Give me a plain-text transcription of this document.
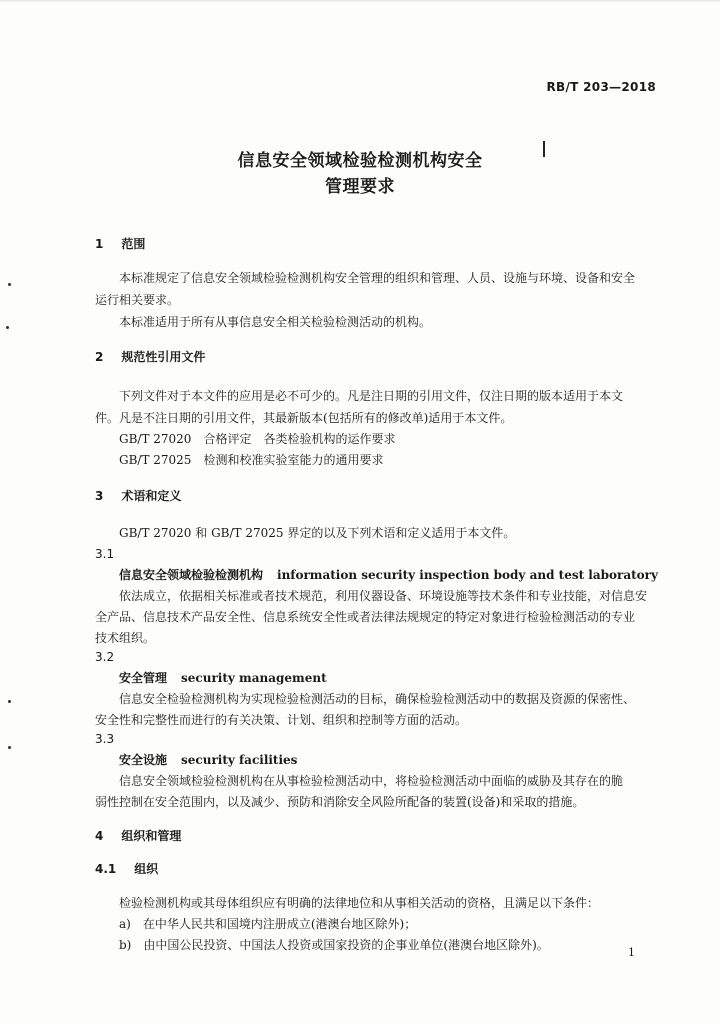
RB/T 203—2018
信息安全领域检验检测机构安全
管理要求
1 范围
本标准规定了信息安全领域检验检测机构安全管理的组织和管理、人员、设施与环境、设备和安全
运行相关要求。
本标准适用于所有从事信息安全相关检验检测活动的机构。
2 规范性引用文件
下列文件对于本文件的应用是必不可少的。凡是注日期的引用文件，仅注日期的版本适用于本文
件。凡是不注日期的引用文件，其最新版本(包括所有的修改单)适用于本文件。
GB/T 27020　 合格评定　各类检验机构的运作要求
GB/T 27025　 检测和校准实验室能力的通用要求
3 术语和定义
GB/T 27020 和 GB/T 27025 界定的以及下列术语和定义适用于本文件。
3.1
信息安全领域检验检测机构 information security inspection body and test laboratory
依法成立，依据相关标准或者技术规范，利用仪器设备、环境设施等技术条件和专业技能，对信息安
全产品、信息技术产品安全性、信息系统安全性或者法律法规规定的特定对象进行检验检测活动的专业
技术组织。
3.2
安全管理 security management
信息安全检验检测机构为实现检验检测活动的目标，确保检验检测活动中的数据及资源的保密性、
安全性和完整性而进行的有关决策、计划、组织和控制等方面的活动。
3.3
安全设施 security facilities
信息安全领域检验检测机构在从事检验检测活动中，将检验检测活动中面临的威胁及其存在的脆
弱性控制在安全范围内，以及减少、预防和消除安全风险所配备的装置(设备)和采取的措施。
4 组织和管理
4.1 组织
检验检测机构或其母体组织应有明确的法律地位和从事相关活动的资格，且满足以下条件：
a)　 在中华人民共和国境内注册成立(港澳台地区除外)；
b)　 由中国公民投资、中国法人投资或国家投资的企事业单位(港澳台地区除外)。
1
